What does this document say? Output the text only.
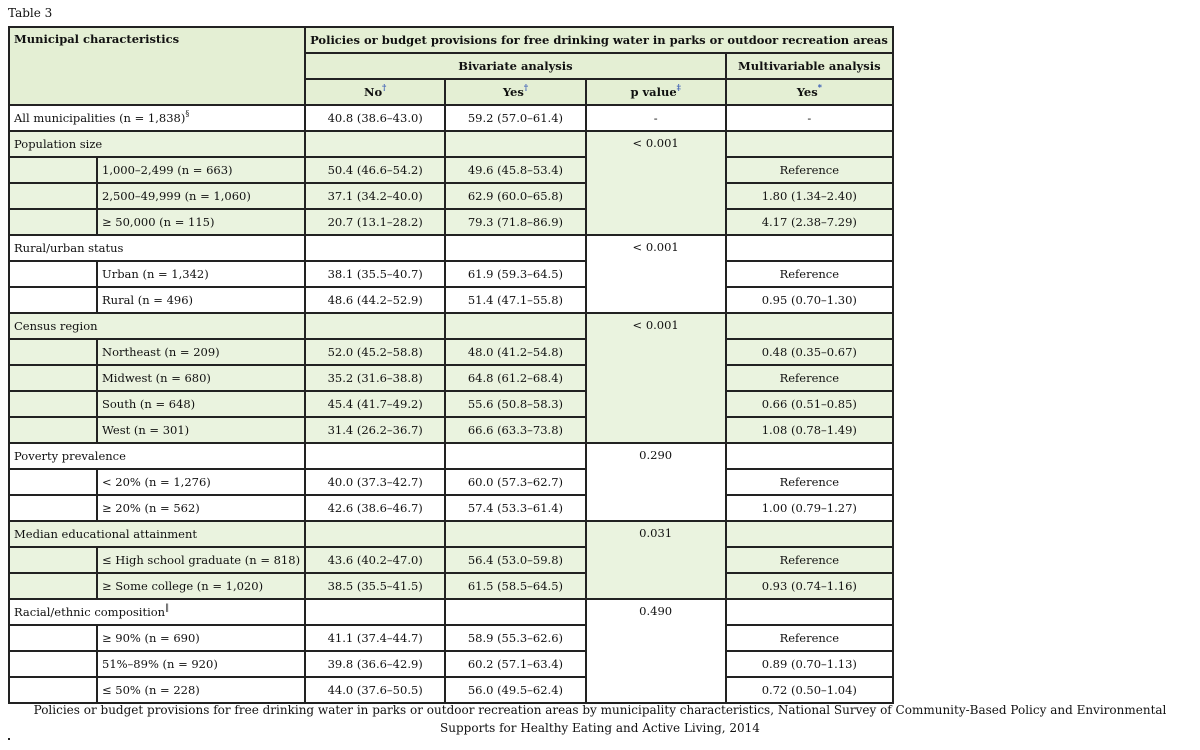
Table 3
Municipal characteristics		Policies or budget provisions for free drinking water in parks or outdoor recreation areas			
		Bivariate analysis			Multivariable analysis
		No†	Yes†	p value‡	Yes*
All municipalities (n = 1,838)§		40.8 (38.6–43.0)	59.2 (57.0–61.4)	-	-
Population size				< 0.001	
	1,000–2,499 (n = 663)	50.4 (46.6–54.2)	49.6 (45.8–53.4)		Reference
	2,500–49,999 (n = 1,060)	37.1 (34.2–40.0)	62.9 (60.0–65.8)		1.80 (1.34–2.40)
	≥ 50,000 (n = 115)	20.7 (13.1–28.2)	79.3 (71.8–86.9)		4.17 (2.38–7.29)
Rural/urban status				< 0.001	
	Urban (n = 1,342)	38.1 (35.5–40.7)	61.9 (59.3–64.5)		Reference
	Rural (n = 496)	48.6 (44.2–52.9)	51.4 (47.1–55.8)		0.95 (0.70–1.30)
Census region				< 0.001	
	Northeast (n = 209)	52.0 (45.2–58.8)	48.0 (41.2–54.8)		0.48 (0.35–0.67)
	Midwest (n = 680)	35.2 (31.6–38.8)	64.8 (61.2–68.4)		Reference
	South (n = 648)	45.4 (41.7–49.2)	55.6 (50.8–58.3)		0.66 (0.51–0.85)
	West (n = 301)	31.4 (26.2–36.7)	66.6 (63.3–73.8)		1.08 (0.78–1.49)
Poverty prevalence				0.290	
	< 20% (n = 1,276)	40.0 (37.3–42.7)	60.0 (57.3–62.7)		Reference
	≥ 20% (n = 562)	42.6 (38.6–46.7)	57.4 (53.3–61.4)		1.00 (0.79–1.27)
Median educational attainment				0.031	
	≤ High school graduate (n = 818)	43.6 (40.2–47.0)	56.4 (53.0–59.8)		Reference
	≥ Some college (n = 1,020)	38.5 (35.5–41.5)	61.5 (58.5–64.5)		0.93 (0.74–1.16)
Racial/ethnic composition‖				0.490	
	≥ 90% (n = 690)	41.1 (37.4–44.7)	58.9 (55.3–62.6)		Reference
	51%–89% (n = 920)	39.8 (36.6–42.9)	60.2 (57.1–63.4)		0.89 (0.70–1.13)
	≤ 50% (n = 228)	44.0 (37.6–50.5)	56.0 (49.5–62.4)		0.72 (0.50–1.04)
Policies or budget provisions for free drinking water in parks or outdoor recreation areas by municipality characteristics, National Survey of Community-Based Policy and Environmental Supports for Healthy Eating and Active Living, 2014
